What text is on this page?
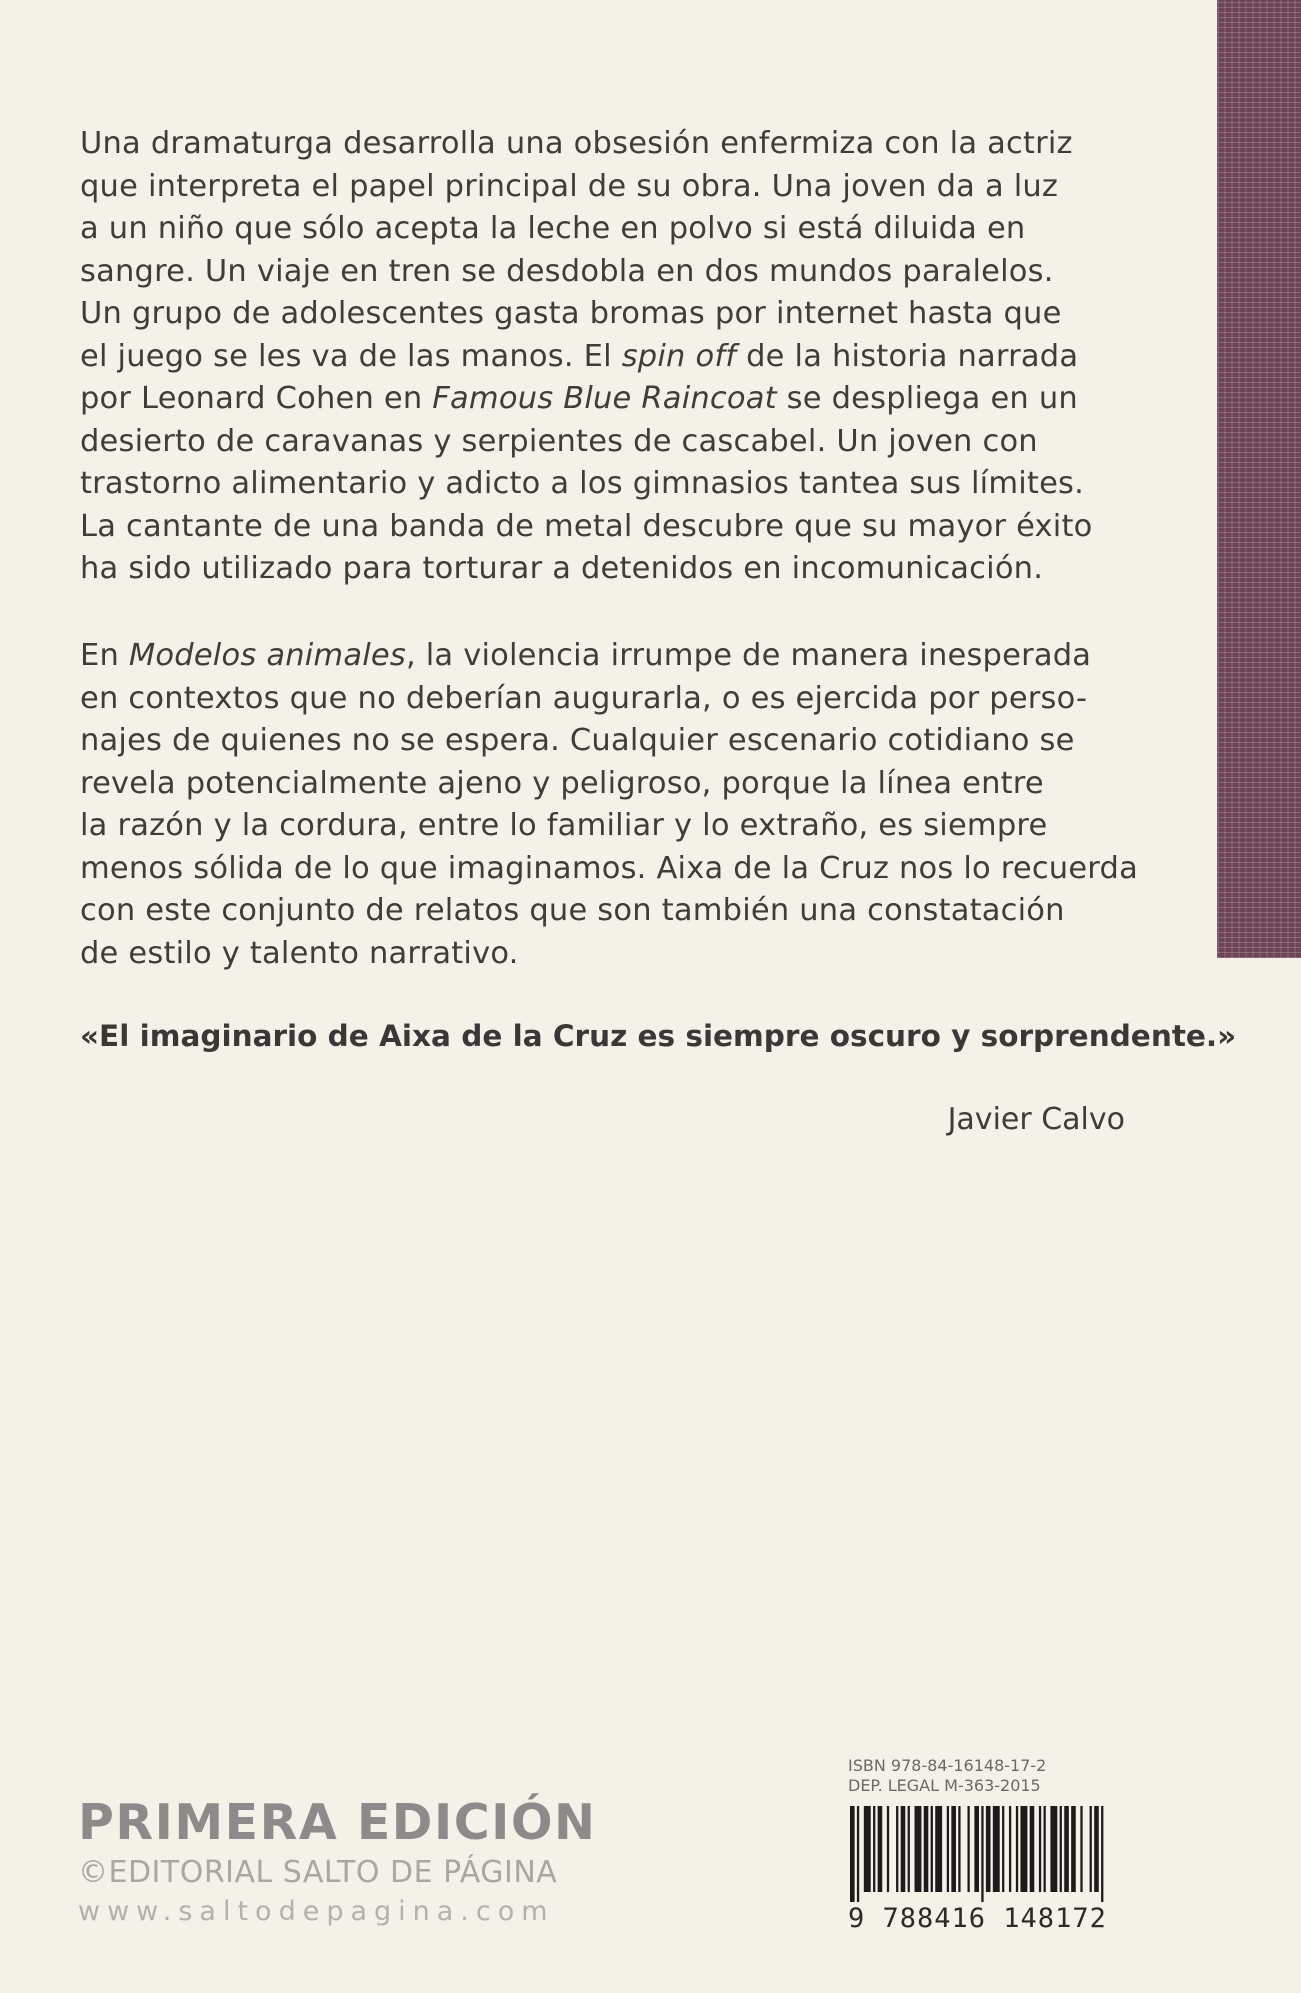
Una dramaturga desarrolla una obsesión enfermiza con la actriz
que interpreta el papel principal de su obra. Una joven da a luz
a un niño que sólo acepta la leche en polvo si está diluida en
sangre. Un viaje en tren se desdobla en dos mundos paralelos.
Un grupo de adolescentes gasta bromas por internet hasta que
el juego se les va de las manos. El spin off de la historia narrada
por Leonard Cohen en Famous Blue Raincoat se despliega en un
desierto de caravanas y serpientes de cascabel. Un joven con
trastorno alimentario y adicto a los gimnasios tantea sus límites.
La cantante de una banda de metal descubre que su mayor éxito
ha sido utilizado para torturar a detenidos en incomunicación.
En Modelos animales, la violencia irrumpe de manera inesperada
en contextos que no deberían augurarla, o es ejercida por perso-
najes de quienes no se espera. Cualquier escenario cotidiano se
revela potencialmente ajeno y peligroso, porque la línea entre
la razón y la cordura, entre lo familiar y lo extraño, es siempre
menos sólida de lo que imaginamos. Aixa de la Cruz nos lo recuerda
con este conjunto de relatos que son también una constatación
de estilo y talento narrativo.
«El imaginario de Aixa de la Cruz es siempre oscuro y sorprendente.»
Javier Calvo
PRIMERA EDICIÓN
©EDITORIAL SALTO DE PÁGINA
www.saltodepagina.com
ISBN 978-84-16148-17-2
DEP. LEGAL M-363-2015
9 788416 148172
